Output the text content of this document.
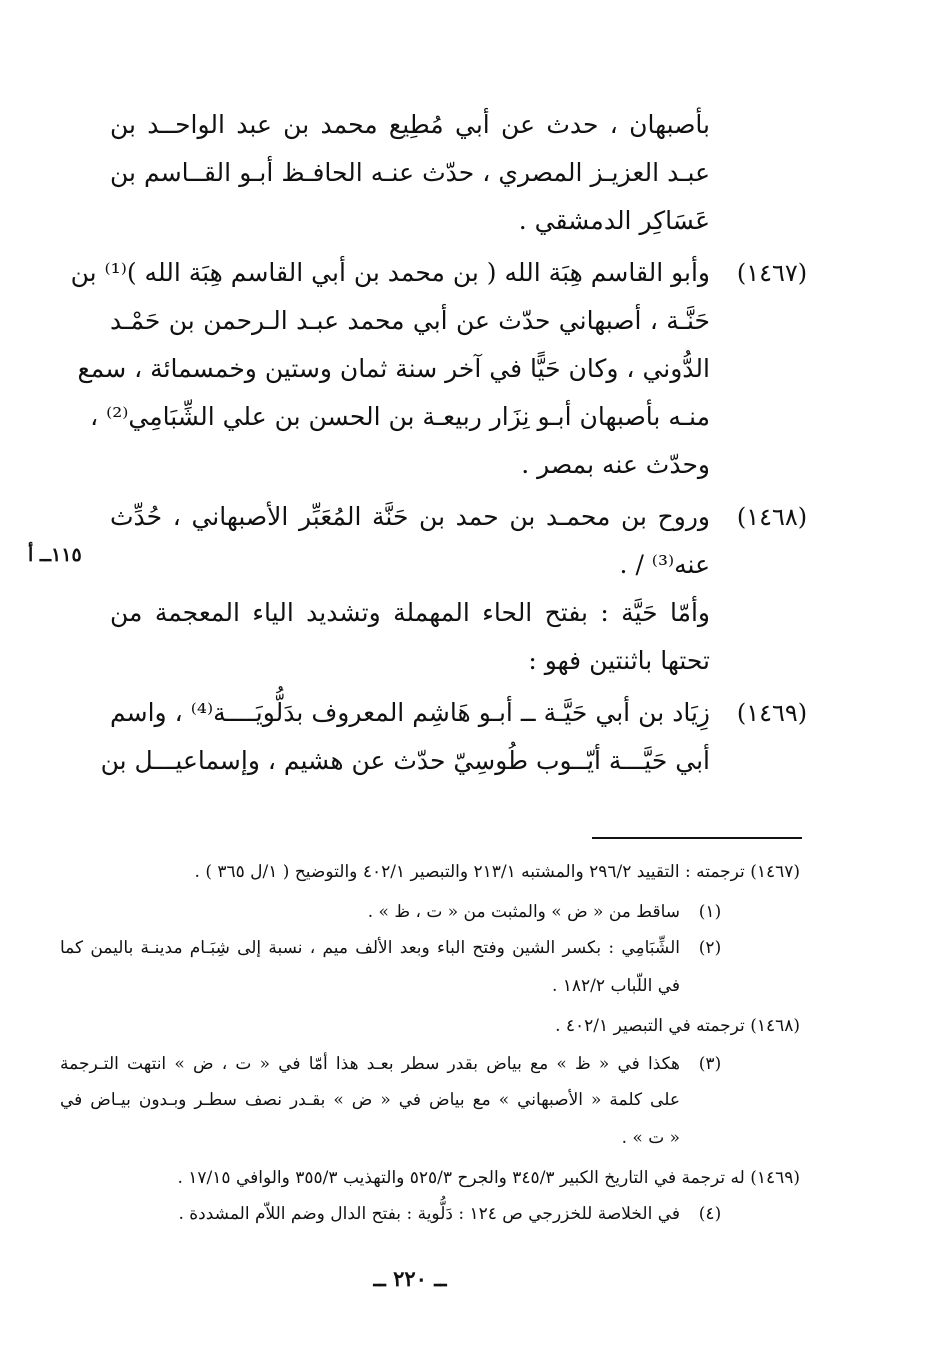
بأصبهان ، حدث عن أبي مُطِيع محمد بن عبد الواحــد بن
عبـد العزيـز المصري ، حدّث عنـه الحافـظ أبـو القــاسم بن
عَسَاكِر الدمشقي .
(١٤٦٧)
وأبو القاسم هِبَة الله ( بن محمد بن أبي القاسم هِبَة الله )⁽¹⁾ بن
حَنَّـة ، أصبهاني حدّث عن أبي محمد عبـد الـرحمن بن حَمْـد
الدُّوني ، وكان حَيًّا في آخر سنة ثمان وستين وخمسمائة ، سمع
منـه بأصبهان أبـو نِزَار ربيعـة بن الحسن بن علي الشِّبَامِي⁽²⁾ ،
وحدّث عنه بمصر .
(١٤٦٨)
وروح بن محمـد بن حمد بن حَنَّة المُعَبِّر الأصبهاني ، حُدِّث
عنه⁽³⁾ / .
١١٥ــ أ
وأمّا حَيَّة : بفتح الحاء المهملة وتشديد الياء المعجمة من
تحتها باثنتين فهو :
(١٤٦٩)
زِيَاد بن أبي حَيَّـة ــ أبـو هَاشِم المعروف بدَلُّويَــــة⁽⁴⁾ ، واسم
أبي حَيَّـــة أيّــوب طُوسِيّ حدّث عن هشيم ، وإسماعيـــل بن
(١٤٦٧) ترجمته : التقييد ٢٩٦/٢ والمشتبه ٢١٣/١ والتبصير ٤٠٢/١ والتوضيح ( ١/ل ٣٦٥ ) .
(١)
ساقط من « ض » والمثبت من « ت ، ظ » .
(٢)
الشِّبَامِي : بكسر الشين وفتح الباء وبعد الألف ميم ، نسبة إلى شِبَـام مدينـة باليمن كما
في اللّباب ١٨٢/٢ .
(١٤٦٨) ترجمته في التبصير ٤٠٢/١ .
(٣)
هكذا في « ظ » مع بياض بقدر سطر بعـد هذا أمّا في « ت ، ض » انتهت التـرجمة
على كلمة « الأصبهاني » مع بياض في « ض » بقـدر نصف سطـر وبـدون بيـاض في
« ت » .
(١٤٦٩) له ترجمة في التاريخ الكبير ٣٤٥/٣ والجرح ٥٢٥/٣ والتهذيب ٣٥٥/٣ والوافي ١٧/١٥ .
(٤)
في الخلاصة للخزرجي ص ١٢٤ : دَلُّوية : بفتح الدال وضم اللاّم المشددة .
ــ ٢٢٠ ــ
